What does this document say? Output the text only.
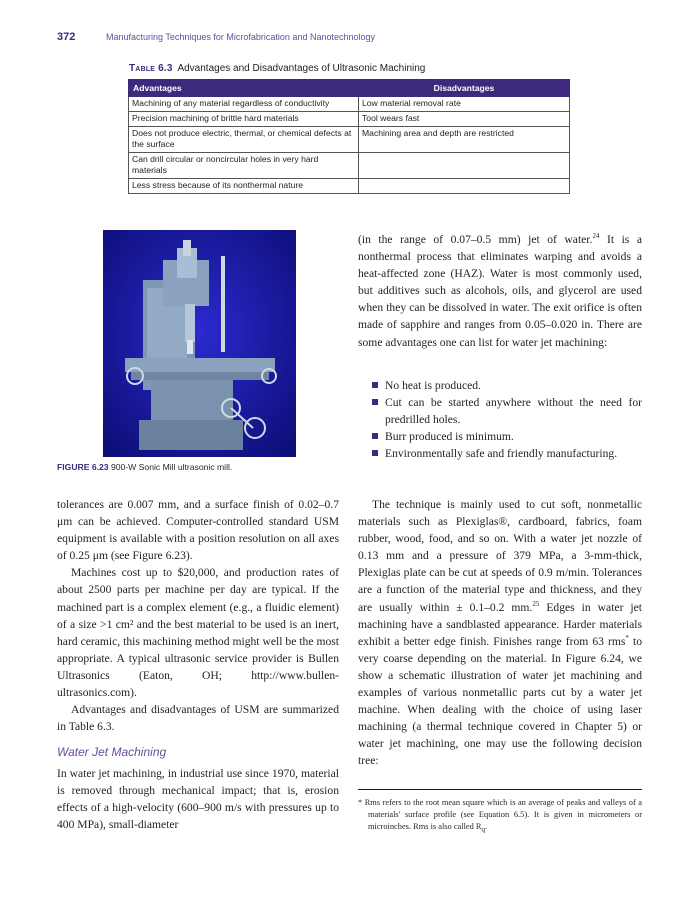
372	Manufacturing Techniques for Microfabrication and Nanotechnology
Table 6.3 Advantages and Disadvantages of Ultrasonic Machining
Advantages	Disadvantages
Machining of any material regardless of conductivity	Low material removal rate
Precision machining of brittle hard materials	Tool wears fast
Does not produce electric, thermal, or chemical defects at the surface	Machining area and depth are restricted
Can drill circular or noncircular holes in very hard materials	
Less stress because of its nonthermal nature	
FIGURE 6.23 900-W Sonic Mill ultrasonic mill.

(in the range of 0.07–0.5 mm) jet of water.$^{24}$ It is a nonthermal process that eliminates warping and avoids a heat-affected zone (HAZ). Water is most commonly used, but additives such as alcohols, oils, and glycerol are used when they can be dissolved in water. The exit orifice is often made of sapphire and ranges from 0.05–0.020 in. There are some advantages one can list for water jet machining:

No heat is produced.
Cut can be started anywhere without the need for predrilled holes.
Burr produced is minimum.
Environmentally safe and friendly manufacturing.

tolerances are 0.007 mm, and a surface finish of 0.02–0.7 μm can be achieved. Computer-controlled standard USM equipment is available with a position resolution on all axes of 0.25 μm (see Figure 6.23).

Machines cost up to $20,000, and production rates of about 2500 parts per machine per day are typical. If the machined part is a complex element (e.g., a fluidic element) of a size >1 cm² and the best material to be used is an inert, hard ceramic, this machining method might well be the most appropriate. A typical ultrasonic service provider is Bullen Ultrasonics (Eaton, OH; http://www.bullen-ultrasonics.com).

Advantages and disadvantages of USM are summarized in Table 6.3.

Water Jet Machining

In water jet machining, in industrial use since 1970, material is removed through mechanical impact; that is, erosion effects of a high-velocity (600–900 m/s with pressures up to 400 MPa), small-diameter

The technique is mainly used to cut soft, nonmetallic materials such as Plexiglas®, cardboard, fabrics, foam rubber, wood, food, and so on. With a water jet nozzle of 0.13 mm and a pressure of 379 MPa, a 3-mm-thick, Plexiglas plate can be cut at speeds of 0.9 m/min. Tolerances are a function of the material type and thickness, and they are usually within ± 0.1–0.2 mm.$^{25}$ Edges in water jet machining have a sandblasted appearance. Harder materials exhibit a better edge finish. Finishes range from 63 rms* to very coarse depending on the material. In Figure 6.24, we show a schematic illustration of water jet machining and examples of various nonmetallic parts cut by a water jet machine. When dealing with the choice of using laser machining (a thermal technique covered in Chapter 5) or water jet machining, one may use the following decision tree:

* Rms refers to the root mean square which is an average of peaks and valleys of a materials' surface profile (see Equation 6.5). It is given in micrometers or microinches. Rms is also called $R_q$.
